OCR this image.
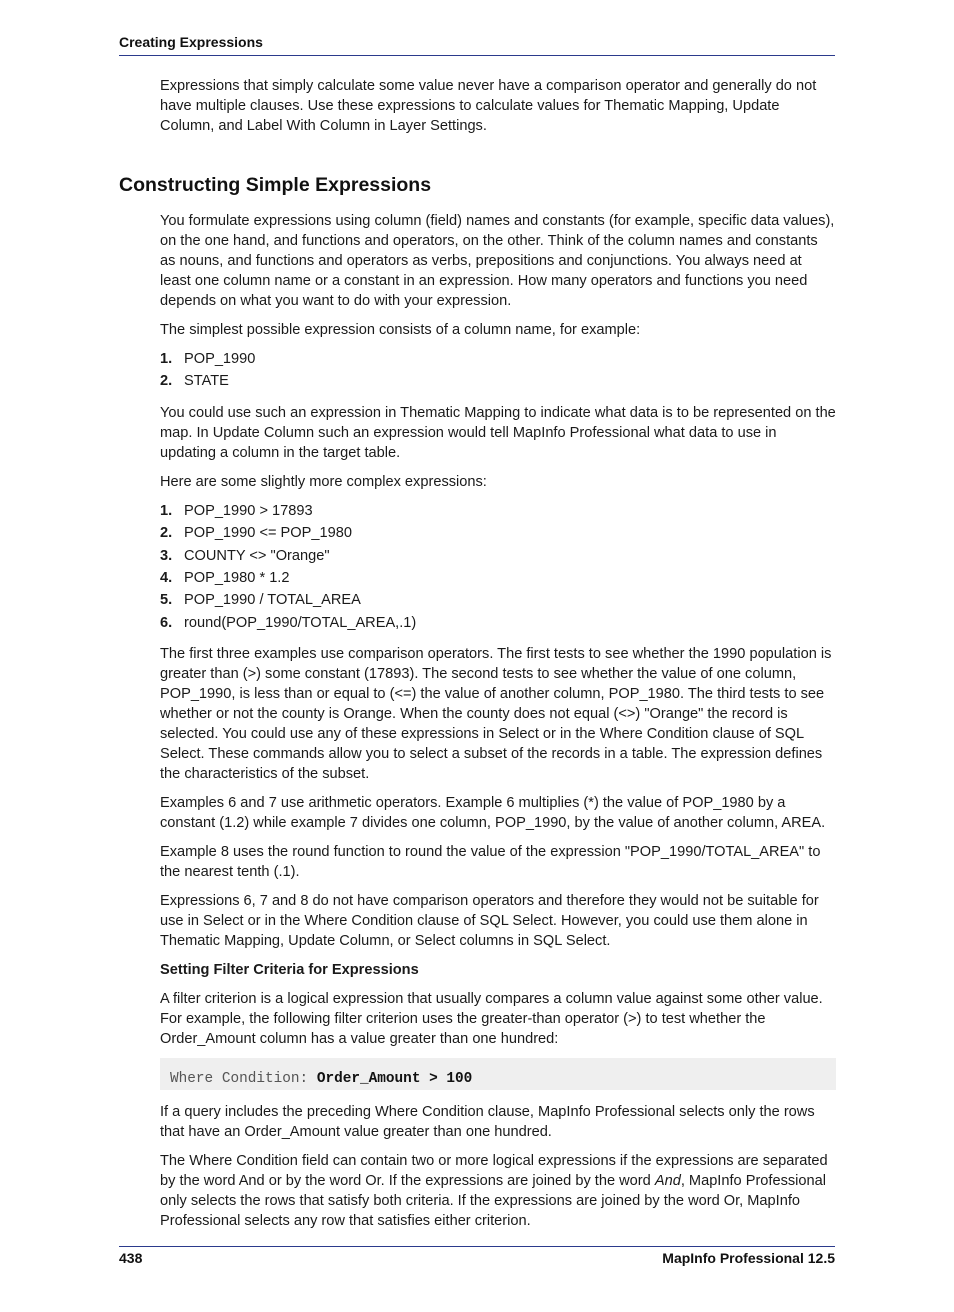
Creating Expressions

Expressions that simply calculate some value never have a comparison operator and generally do not have multiple clauses. Use these expressions to calculate values for Thematic Mapping, Update Column, and Label With Column in Layer Settings.

Constructing Simple Expressions

You formulate expressions using column (field) names and constants (for example, specific data values), on the one hand, and functions and operators, on the other. Think of the column names and constants as nouns, and functions and operators as verbs, prepositions and conjunctions. You always need at least one column name or a constant in an expression. How many operators and functions you need depends on what you want to do with your expression.

The simplest possible expression consists of a column name, for example:

1. POP_1990
2. STATE

You could use such an expression in Thematic Mapping to indicate what data is to be represented on the map. In Update Column such an expression would tell MapInfo Professional what data to use in updating a column in the target table.

Here are some slightly more complex expressions:

1. POP_1990 > 17893
2. POP_1990 <= POP_1980
3. COUNTY <> "Orange"
4. POP_1980 * 1.2
5. POP_1990 / TOTAL_AREA
6. round(POP_1990/TOTAL_AREA,.1)

The first three examples use comparison operators. The first tests to see whether the 1990 population is greater than (>) some constant (17893). The second tests to see whether the value of one column, POP_1990, is less than or equal to (<=) the value of another column, POP_1980. The third tests to see whether or not the county is Orange. When the county does not equal (<>) "Orange" the record is selected. You could use any of these expressions in Select or in the Where Condition clause of SQL Select. These commands allow you to select a subset of the records in a table. The expression defines the characteristics of the subset.

Examples 6 and 7 use arithmetic operators. Example 6 multiplies (*) the value of POP_1980 by a constant (1.2) while example 7 divides one column, POP_1990, by the value of another column, AREA.

Example 8 uses the round function to round the value of the expression "POP_1990/TOTAL_AREA" to the nearest tenth (.1).

Expressions 6, 7 and 8 do not have comparison operators and therefore they would not be suitable for use in Select or in the Where Condition clause of SQL Select. However, you could use them alone in Thematic Mapping, Update Column, or Select columns in SQL Select.

Setting Filter Criteria for Expressions

A filter criterion is a logical expression that usually compares a column value against some other value. For example, the following filter criterion uses the greater-than operator (>) to test whether the Order_Amount column has a value greater than one hundred:

Where Condition: Order_Amount > 100

If a query includes the preceding Where Condition clause, MapInfo Professional selects only the rows that have an Order_Amount value greater than one hundred.

The Where Condition field can contain two or more logical expressions if the expressions are separated by the word And or by the word Or. If the expressions are joined by the word And, MapInfo Professional only selects the rows that satisfy both criteria. If the expressions are joined by the word Or, MapInfo Professional selects any row that satisfies either criterion.

438	MapInfo Professional 12.5
